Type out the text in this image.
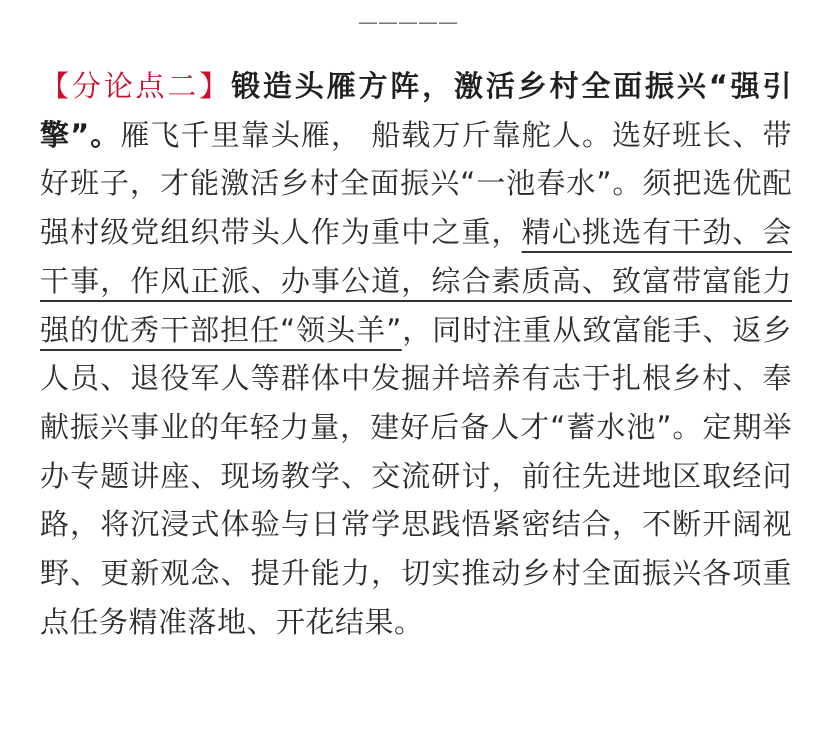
—————
【分论点二】锻造头雁方阵，激活乡村全面振兴“强引擎”。雁飞千里靠头雁， 船载万斤靠舵人。选好班长、带好班子，才能激活乡村全面振兴“一池春水”。须把选优配强村级党组织带头人作为重中之重，精心挑选有干劲、会干事，作风正派、办事公道，综合素质高、致富带富能力强的优秀干部担任“领头羊”，同时注重从致富能手、返乡人员、退役军人等群体中发掘并培养有志于扎根乡村、奉献振兴事业的年轻力量，建好后备人才“蓄水池”。定期举办专题讲座、现场教学、交流研讨，前往先进地区取经问路，将沉浸式体验与日常学思践悟紧密结合，不断开阔视野、更新观念、提升能力，切实推动乡村全面振兴各项重点任务精准落地、开花结果。
